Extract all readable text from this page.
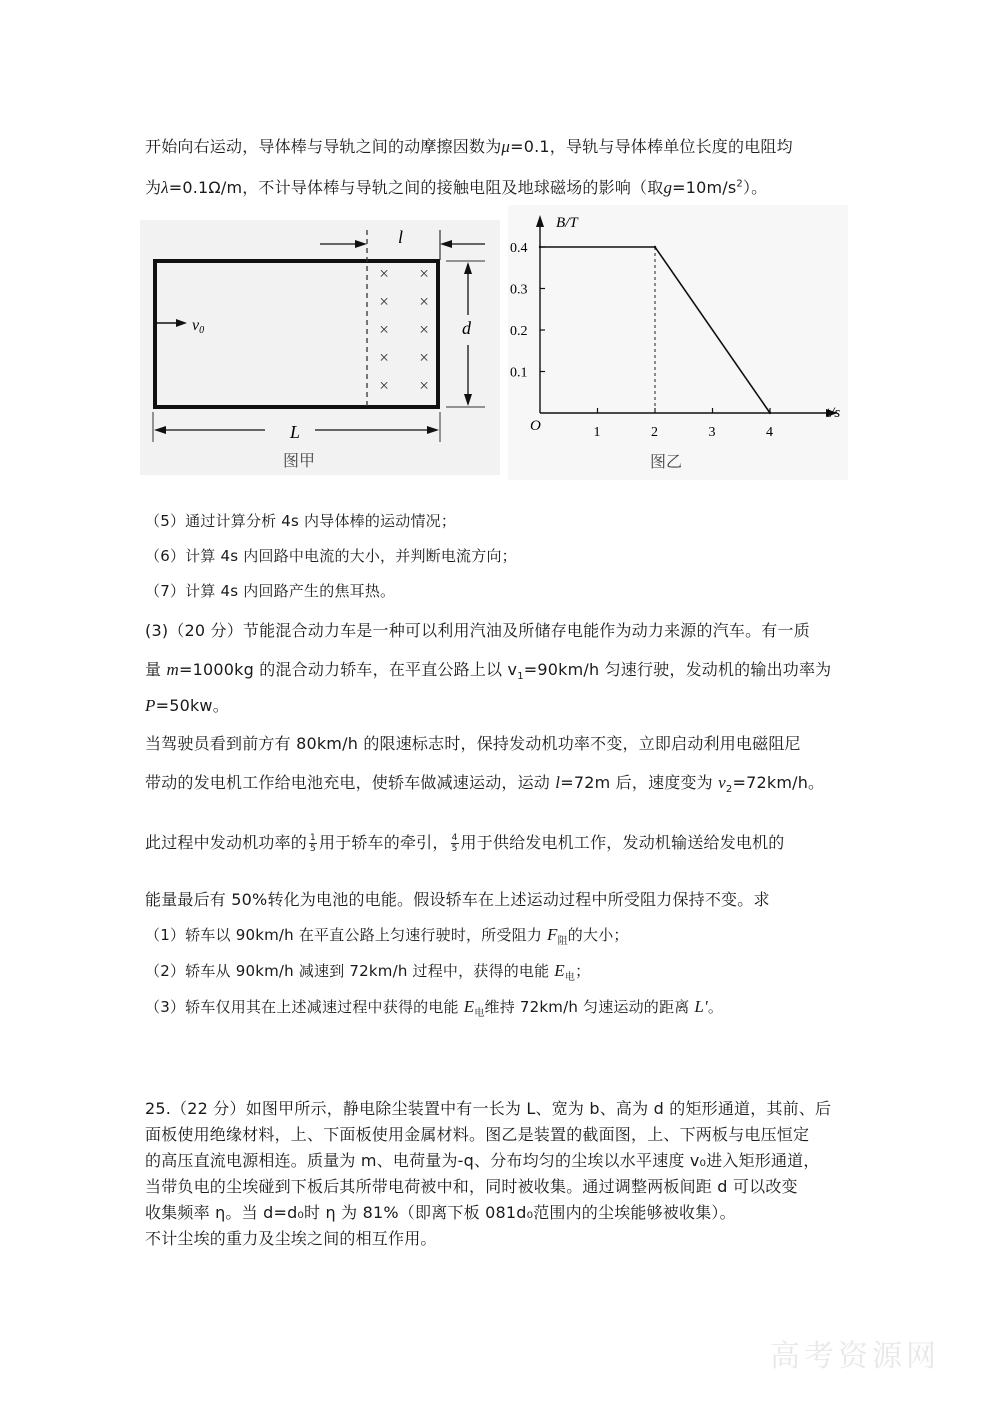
开始向右运动，导体棒与导轨之间的动摩擦因数为μ=0.1，导轨与导体棒单位长度的电阻均
为λ=0.1Ω/m，不计导体棒与导轨之间的接触电阻及地球磁场的影响（取$g=10m/s^2$）。
l
d
v0
× ×
× ×
× ×
× ×
× ×
L
图甲
1	2	3	4
0.1
0.2
0.3
0.4
B/T
t/s
O
图乙
（5）通过计算分析 4s 内导体棒的运动情况；
（6）计算 4s 内回路中电流的大小，并判断电流方向；
（7）计算 4s 内回路产生的焦耳热。
(3)（20 分）节能混合动力车是一种可以利用汽油及所储存电能作为动力来源的汽车。有一质
量 m=1000kg 的混合动力轿车，在平直公路上以 $v_1=90km/h$ 匀速行驶，发动机的输出功率为
P=50kw。
当驾驶员看到前方有 80km/h 的限速标志时，保持发动机功率不变，立即启动利用电磁阻尼
带动的发电机工作给电池充电，使轿车做减速运动，运动 l=72m 后，速度变为 $v_2=72km/h$。
此过程中发动机功率的 $\frac{1}{5}$ 用于轿车的牵引， $\frac{4}{5}$ 用于供给发电机工作，发动机输送给发电机的
能量最后有 50%转化为电池的电能。假设轿车在上述运动过程中所受阻力保持不变。求
（1）轿车以 90km/h 在平直公路上匀速行驶时，所受阻力 $F_阻$的大小；
（2）轿车从 90km/h 减速到 72km/h 过程中，获得的电能 $E_电$；
（3）轿车仅用其在上述减速过程中获得的电能 $E_电$维持 72km/h 匀速运动的距离 L'。
25.（22 分）如图甲所示，静电除尘装置中有一长为 L、宽为 b、高为 d 的矩形通道，其前、后
面板使用绝缘材料，上、下面板使用金属材料。图乙是装置的截面图，上、下两板与电压恒定
的高压直流电源相连。质量为 m、电荷量为-q、分布均匀的尘埃以水平速度 v₀进入矩形通道，
当带负电的尘埃碰到下板后其所带电荷被中和，同时被收集。通过调整两板间距 d 可以改变
收集频率 η。当 d=d₀时 η 为 81%（即离下板 081d₀范围内的尘埃能够被收集）。
不计尘埃的重力及尘埃之间的相互作用。
高考资源网
